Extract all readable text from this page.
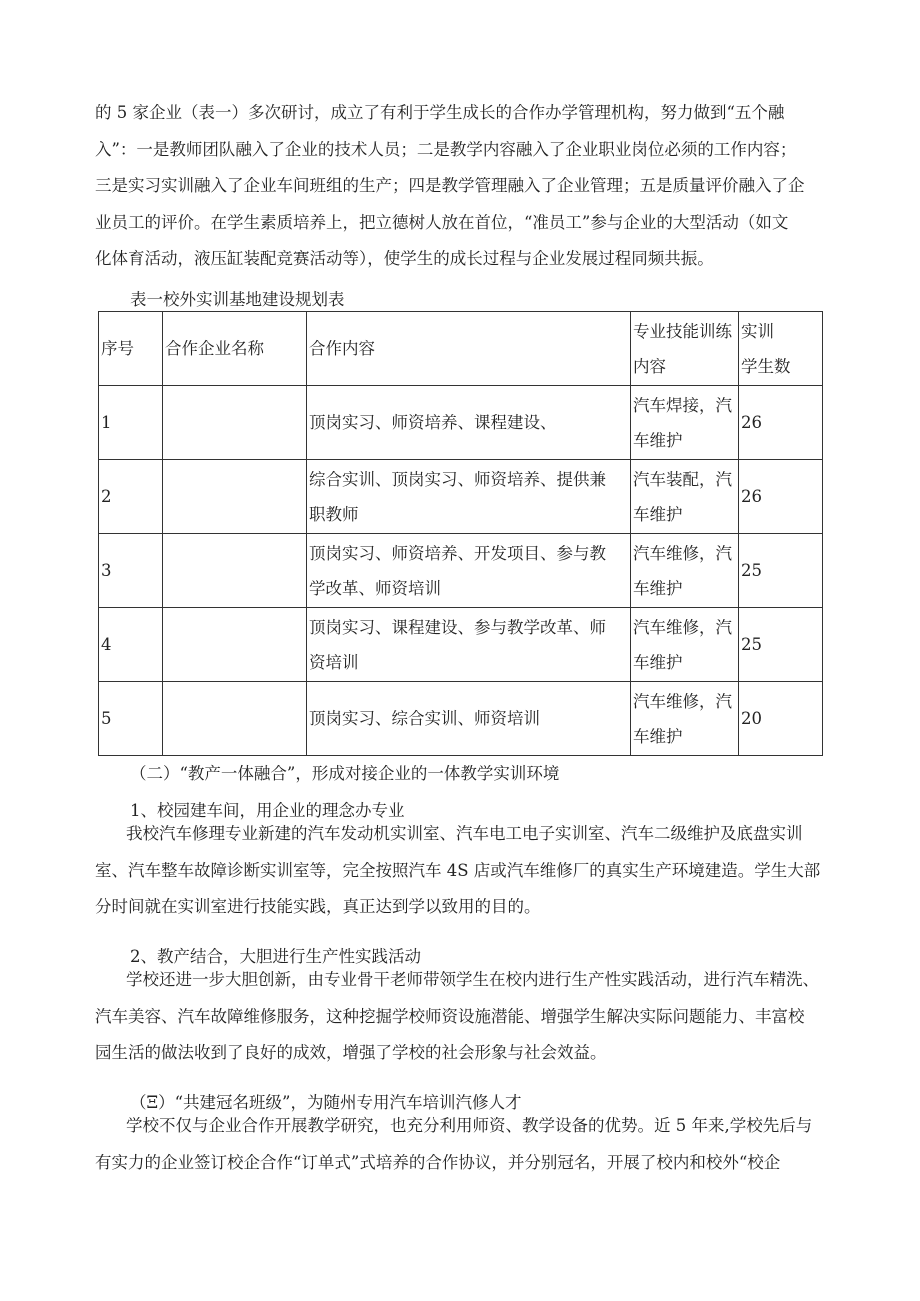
的 5 家企业（表一）多次研讨，成立了有利于学生成长的合作办学管理机构，努力做到“五个融
入”：一是教师团队融入了企业的技术人员；二是教学内容融入了企业职业岗位必须的工作内容；
三是实习实训融入了企业车间班组的生产；四是教学管理融入了企业管理；五是质量评价融入了企
业员工的评价。在学生素质培养上，把立德树人放在首位，“准员工”参与企业的大型活动（如文
化体育活动，液压缸装配竞赛活动等），使学生的成长过程与企业发展过程同频共振。
表一校外实训基地建设规划表
序号	合作企业名称	合作内容	专业技能训练
内容	实训
学生数

1		顶岗实习、师资培养、课程建设、	汽车焊接，汽
车维护	26
2		综合实训、顶岗实习、师资培养、提供兼
职教师	汽车装配，汽
车维护	26
3		顶岗实习、师资培养、开发项目、参与教
学改革、师资培训	汽车维修，汽
车维护	25
4		顶岗实习、课程建设、参与教学改革、师
资培训	汽车维修，汽
车维护	25
5		顶岗实习、综合实训、师资培训	汽车维修，汽
车维护	20
（二）“教产一体融合”，形成对接企业的一体教学实训环境
1、校园建车间，用企业的理念办专业
我校汽车修理专业新建的汽车发动机实训室、汽车电工电子实训室、汽车二级维护及底盘实训
室、汽车整车故障诊断实训室等，完全按照汽车 4S 店或汽车维修厂的真实生产环境建造。学生大部
分时间就在实训室进行技能实践，真正达到学以致用的目的。
2、教产结合，大胆进行生产性实践活动
学校还进一步大胆创新，由专业骨干老师带领学生在校内进行生产性实践活动，进行汽车精洗、
汽车美容、汽车故障维修服务，这种挖掘学校师资设施潜能、增强学生解决实际问题能力、丰富校
园生活的做法收到了良好的成效，增强了学校的社会形象与社会效益。
（Ξ）“共建冠名班级”，为随州专用汽车培训汽修人才
学校不仅与企业合作开展教学研究，也充分利用师资、教学设备的优势。近 5 年来,学校先后与
有实力的企业签订校企合作“订单式”式培养的合作协议，并分别冠名，开展了校内和校外“校企
